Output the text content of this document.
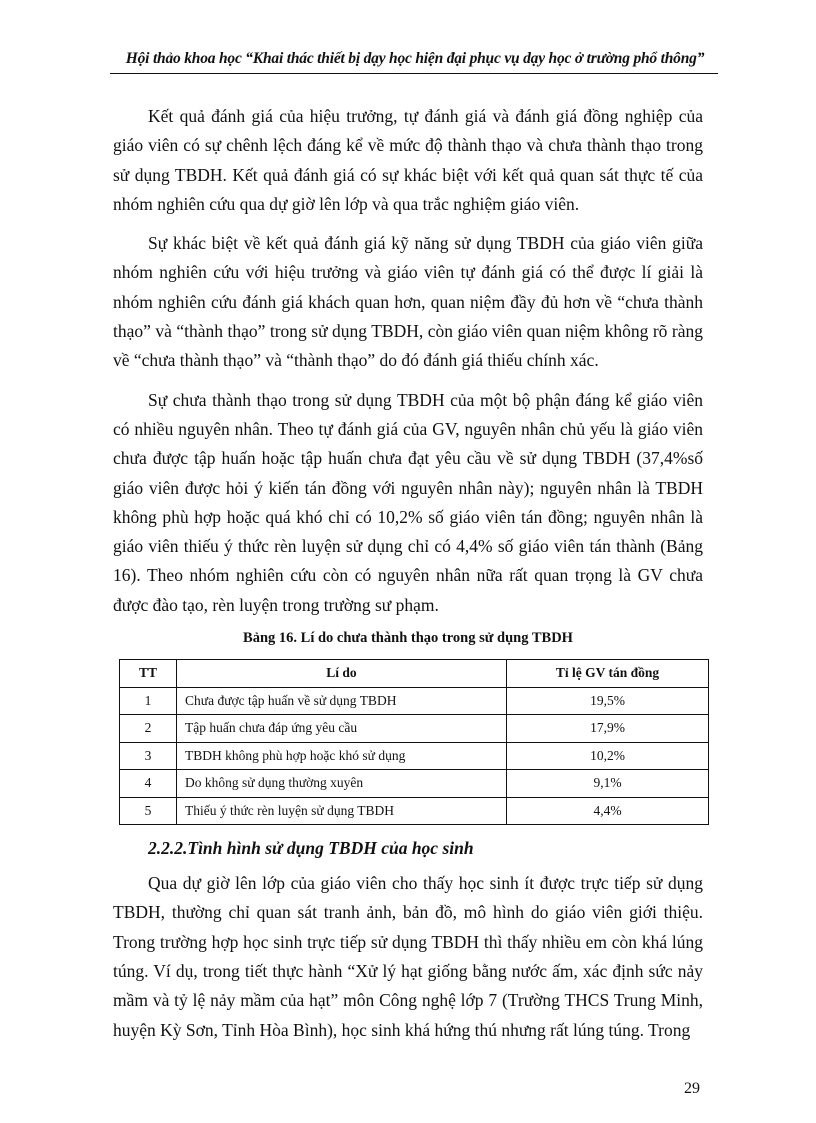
Hội thảo khoa học “Khai thác thiết bị dạy học hiện đại phục vụ dạy học ở trường phổ thông”

Kết quả đánh giá của hiệu trưởng, tự đánh giá và đánh giá đồng nghiệp của giáo viên có sự chênh lệch đáng kể về mức độ thành thạo và chưa thành thạo trong sử dụng TBDH. Kết quả đánh giá có sự khác biệt với kết quả quan sát thực tế của nhóm nghiên cứu qua dự giờ lên lớp và qua trắc nghiệm giáo viên.

Sự khác biệt về kết quả đánh giá kỹ năng sử dụng TBDH của giáo viên giữa nhóm nghiên cứu với hiệu trưởng và giáo viên tự đánh giá có thể được lí giải là nhóm nghiên cứu đánh giá khách quan hơn, quan niệm đầy đủ hơn về “chưa thành thạo” và “thành thạo” trong sử dụng TBDH, còn giáo viên quan niệm không rõ ràng về “chưa thành thạo” và “thành thạo” do đó đánh giá thiếu chính xác.

Sự chưa thành thạo trong sử dụng TBDH của một bộ phận đáng kể giáo viên có nhiều nguyên nhân. Theo tự đánh giá của GV, nguyên nhân chủ yếu là giáo viên chưa được tập huấn hoặc tập huấn chưa đạt yêu cầu về sử dụng TBDH (37,4%số giáo viên được hỏi ý kiến tán đồng với nguyên nhân này); nguyên nhân là TBDH không phù hợp hoặc quá khó chỉ có 10,2% số giáo viên tán đồng; nguyên nhân là giáo viên thiếu ý thức rèn luyện sử dụng chỉ có 4,4% số giáo viên tán thành (Bảng 16). Theo nhóm nghiên cứu còn có nguyên nhân nữa rất quan trọng là GV chưa được đào tạo, rèn luyện trong trường sư phạm.

Bảng 16. Lí do chưa thành thạo trong sử dụng TBDH
TT	Lí do	Tỉ lệ GV tán đồng
1	Chưa được tập huấn về sử dụng TBDH	19,5%
2	Tập huấn chưa đáp ứng yêu cầu	17,9%
3	TBDH không phù hợp hoặc khó sử dụng	10,2%
4	Do không sử dụng thường xuyên	9,1%
5	Thiếu ý thức rèn luyện sử dụng TBDH	4,4%
2.2.2.Tình hình sử dụng TBDH của học sinh

Qua dự giờ lên lớp của giáo viên cho thấy học sinh ít được trực tiếp sử dụng TBDH, thường chỉ quan sát tranh ảnh, bản đồ, mô hình do giáo viên giới thiệu. Trong trường hợp học sinh trực tiếp sử dụng TBDH thì thấy nhiều em còn khá lúng túng. Ví dụ, trong tiết thực hành “Xử lý hạt giống bằng nước ấm, xác định sức nảy mầm và tỷ lệ nảy mầm của hạt” môn Công nghệ lớp 7 (Trường THCS Trung Minh, huyện Kỳ Sơn, Tỉnh Hòa Bình), học sinh khá hứng thú nhưng rất lúng túng. Trong

29
